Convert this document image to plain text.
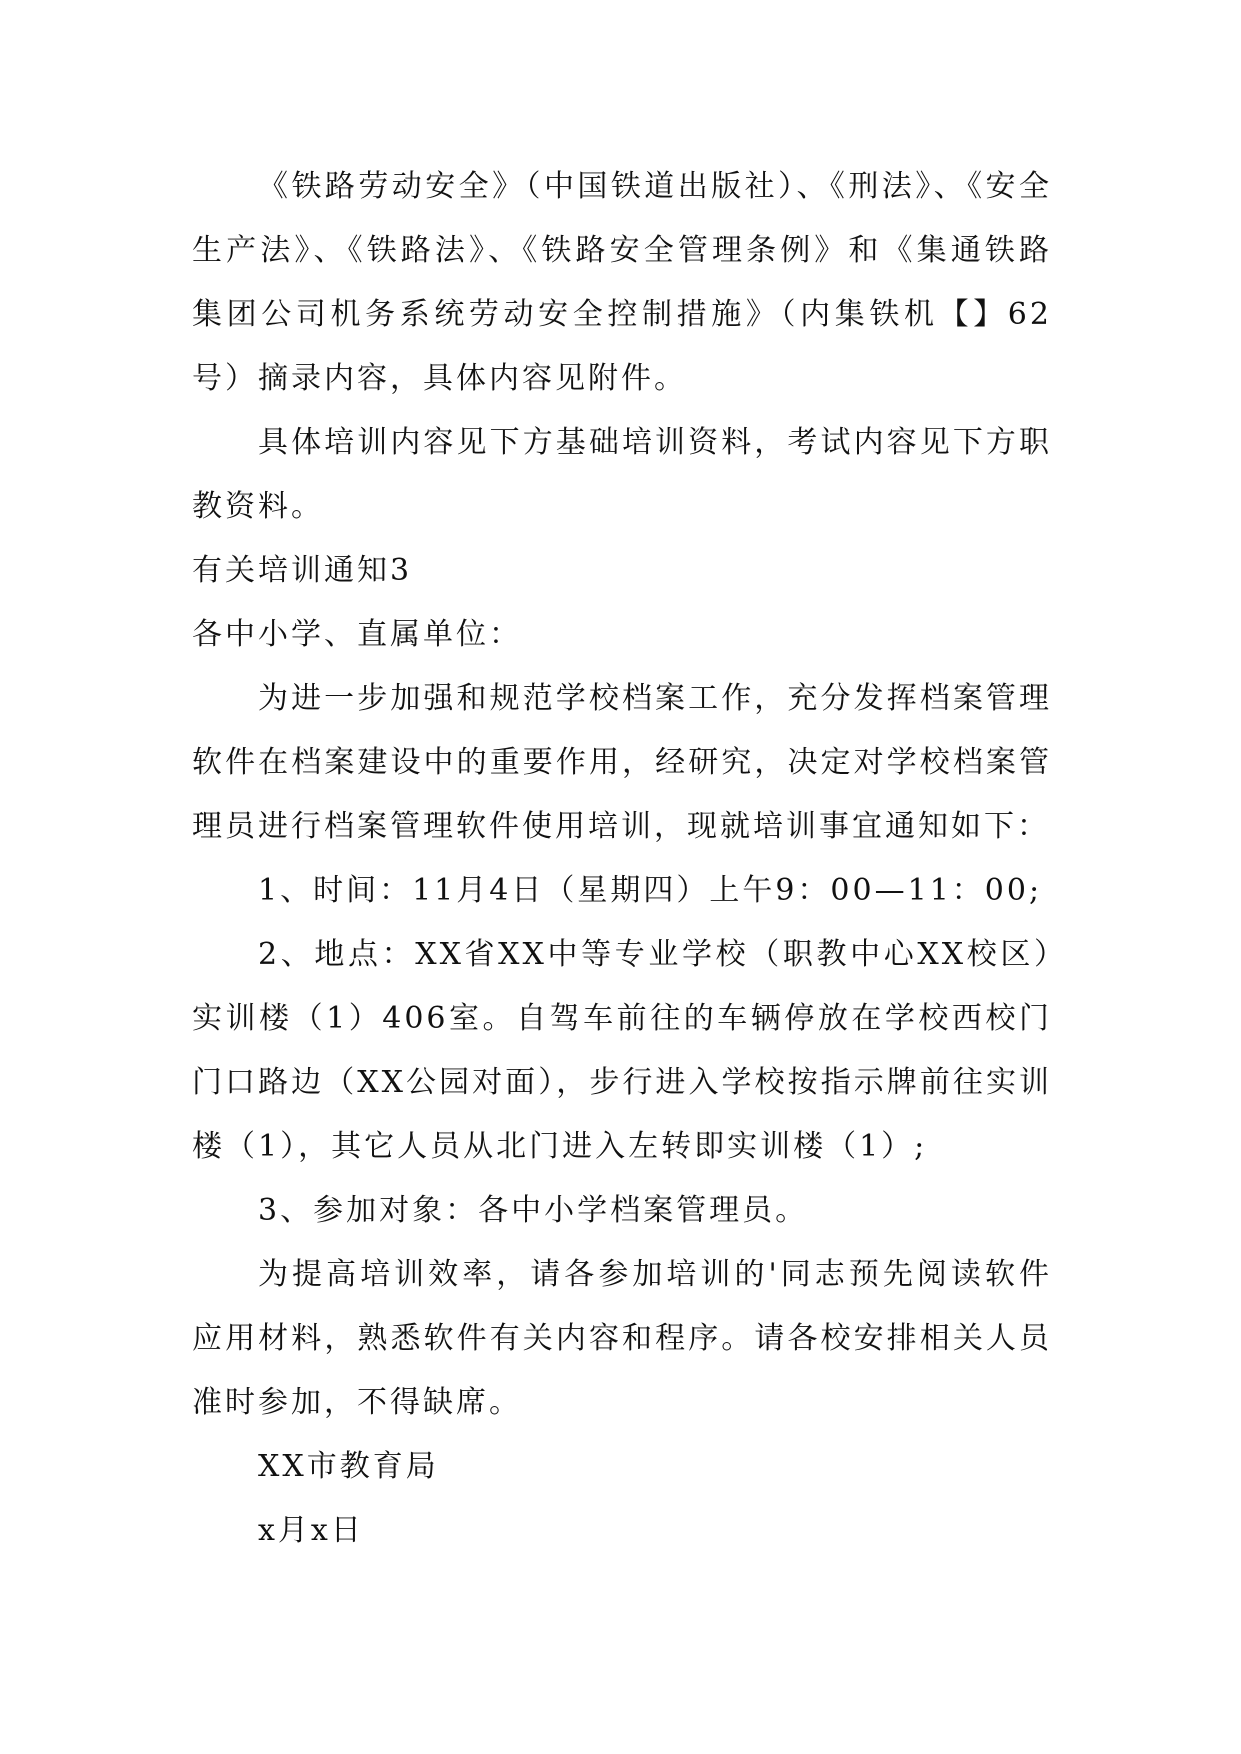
《铁路劳动安全》（中国铁道出版社）、《刑法》、《安全生产法》、《铁路法》、《铁路安全管理条例》和《集通铁路集团公司机务系统劳动安全控制措施》（内集铁机【】62号）摘录内容，具体内容见附件。

具体培训内容见下方基础培训资料，考试内容见下方职教资料。

有关培训通知3

各中小学、直属单位：

为进一步加强和规范学校档案工作，充分发挥档案管理软件在档案建设中的重要作用，经研究，决定对学校档案管理员进行档案管理软件使用培训，现就培训事宜通知如下：

1、时间：11月4日（星期四）上午9：00—11：00;

2、地点：XX省XX中等专业学校（职教中心XX校区）实训楼（1）406室。自驾车前往的车辆停放在学校西校门门口路边（XX公园对面），步行进入学校按指示牌前往实训楼（1），其它人员从北门进入左转即实训楼（1）;

3、参加对象：各中小学档案管理员。

为提高培训效率，请各参加培训的'同志预先阅读软件应用材料，熟悉软件有关内容和程序。请各校安排相关人员准时参加，不得缺席。

XX市教育局

x月x日
